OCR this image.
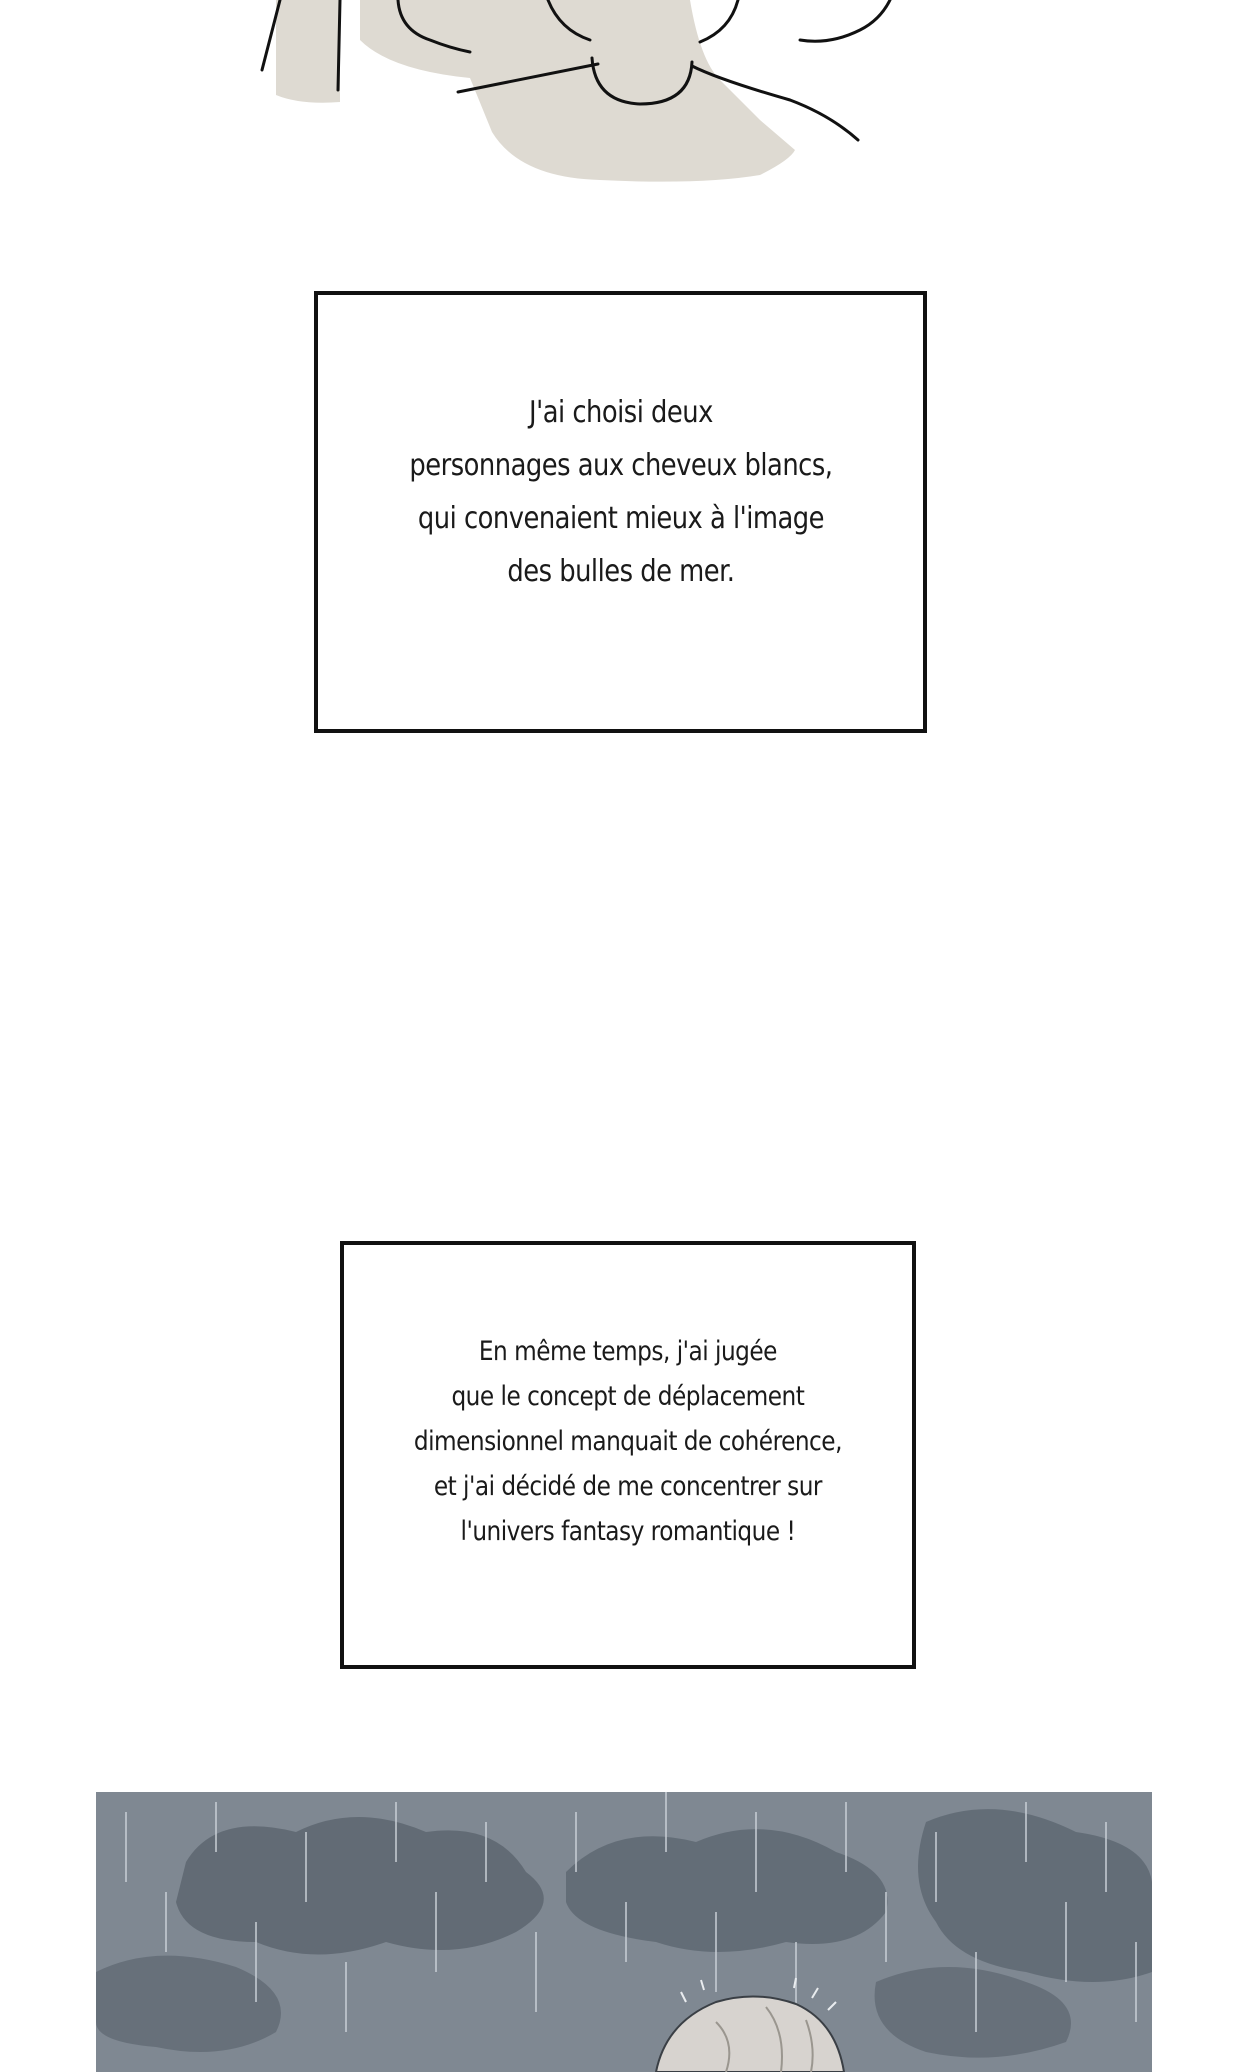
J'ai choisi deux
personnages aux cheveux blancs,
qui convenaient mieux à l'image
des bulles de mer.
En même temps, j'ai jugée
que le concept de déplacement
dimensionnel manquait de cohérence,
et j'ai décidé de me concentrer sur
l'univers fantasy romantique !
